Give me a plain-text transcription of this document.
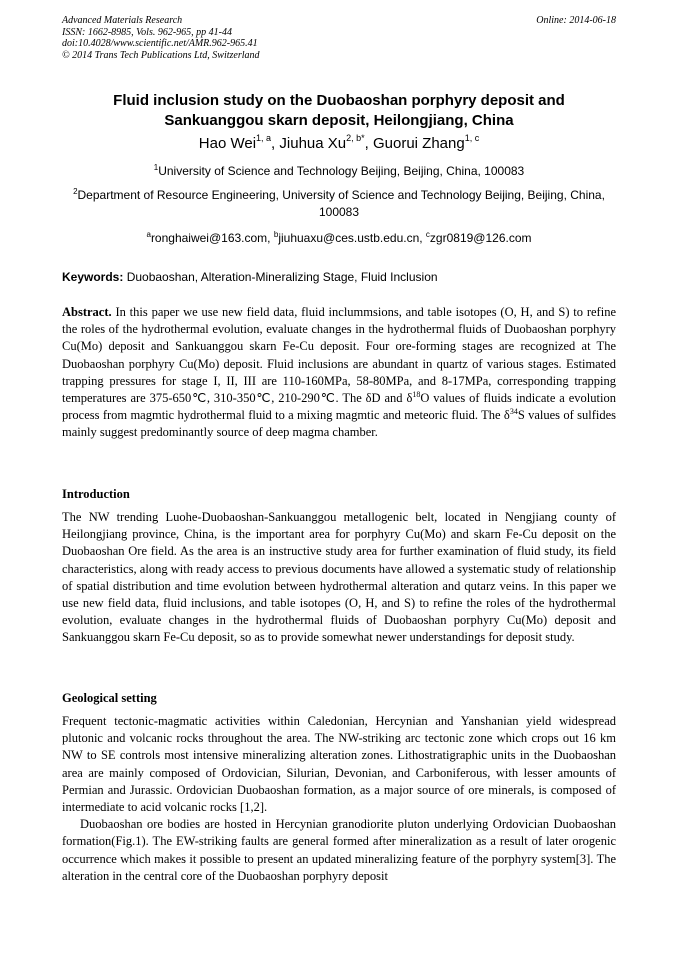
Advanced Materials Research
ISSN: 1662-8985, Vols. 962-965, pp 41-44
doi:10.4028/www.scientific.net/AMR.962-965.41
© 2014 Trans Tech Publications Ltd, Switzerland
Online: 2014-06-18
Fluid inclusion study on the Duobaoshan porphyry deposit and
Sankuanggou skarn deposit, Heilongjiang, China
Hao Wei$^{1, a}$, Jiuhua $Xu^{2, b*}$, Guorui Zhang$^{1, c}$
$^1$University of Science and Technology Beijing, Beijing, China, 100083
$^2$Department of Resource Engineering, University of Science and Technology Beijing, Beijing, China, 100083
$^a$ronghaiwei@163.com, $^b$jiuhuaxu@ces.ustb.edu.cn, $^c$zgr0819@126.com
Keywords: Duobaoshan, Alteration-Mineralizing Stage, Fluid Inclusion
Abstract. In this paper we use new field data, fluid inclummsions, and table isotopes (O, H, and S) to refine the roles of the hydrothermal evolution, evaluate changes in the hydrothermal fluids of Duobaoshan porphyry Cu(Mo) deposit and Sankuanggou skarn Fe-Cu deposit. Four ore-forming stages are recognized at The Duobaoshan porphyry Cu(Mo) deposit. Fluid inclusions are abundant in quartz of various stages. Estimated trapping pressures for stage I, II, III are 110-160MPa, 58-80MPa, and 8-17MPa, corresponding trapping temperatures are 375-650℃, 310-350℃, 210-290℃. The δD and $\delta^{18}O$ values of fluids indicate a evolution process from magmtic hydrothermal fluid to a mixing magmtic and meteoric fluid. The $\delta^{34}S$ values of sulfides mainly suggest predominantly source of deep magma chamber.
Introduction
The NW trending Luohe-Duobaoshan-Sankuanggou metallogenic belt, located in Nengjiang county of Heilongjiang province, China, is the important area for porphyry Cu(Mo) and skarn Fe-Cu deposit on the Duobaoshan Ore field. As the area is an instructive study area for further examination of fluid study, its field characteristics, along with ready access to previous documents have allowed a systematic study of relationship of spatial distribution and time evolution between hydrothermal alteration and qutarz veins. In this paper we use new field data, fluid inclusions, and table isotopes (O, H, and S) to refine the roles of the hydrothermal evolution, evaluate changes in the hydrothermal fluids of Duobaoshan porphyry Cu(Mo) deposit and Sankuanggou skarn Fe-Cu deposit, so as to provide somewhat newer understandings for deposit study.
Geological setting
Frequent tectonic-magmatic activities within Caledonian, Hercynian and Yanshanian yield widespread plutonic and volcanic rocks throughout the area. The NW-striking arc tectonic zone which crops out 16 km NW to SE controls most intensive mineralizing alteration zones. Lithostratigraphic units in the Duobaoshan area are mainly composed of Ordovician, Silurian, Devonian, and Carboniferous, with lesser amounts of Permian and Jurassic. Ordovician Duobaoshan formation, as a major source of ore minerals, is composed of intermediate to acid volcanic rocks [1,2].
Duobaoshan ore bodies are hosted in Hercynian granodiorite pluton underlying Ordovician Duobaoshan formation(Fig.1). The EW-striking faults are general formed after mineralization as a result of later orogenic occurrence which makes it possible to present an updated mineralizing feature of the porphyry system[3]. The alteration in the central core of the Duobaoshan porphyry deposit
